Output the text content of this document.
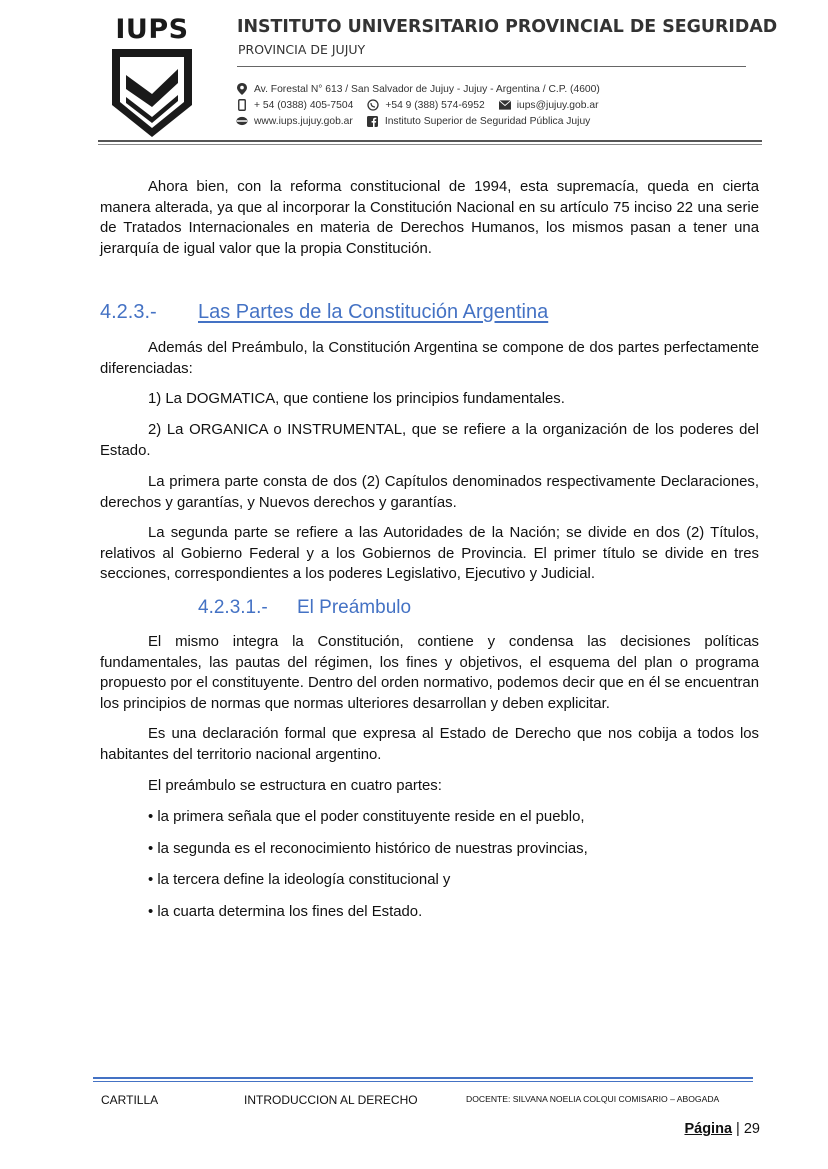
IUPS	INSTITUTO UNIVERSITARIO PROVINCIAL DE SEGURIDAD
PROVINCIA DE JUJUY
Av. Forestal N° 613 / San Salvador de Jujuy - Jujuy - Argentina / C.P. (4600)
+ 54 (0388) 405-7504	+54 9 (388) 574-6952	iups@jujuy.gob.ar
www.iups.jujuy.gob.ar	Instituto Superior de Seguridad Pública Jujuy
Ahora bien, con la reforma constitucional de 1994, esta supremacía, queda en cierta manera alterada, ya que al incorporar la Constitución Nacional en su artículo 75 inciso 22 una serie de Tratados Internacionales en materia de Derechos Humanos, los mismos pasan a tener una jerarquía de igual valor que la propia Constitución.
4.2.3.- Las Partes de la Constitución Argentina
Además del Preámbulo, la Constitución Argentina se compone de dos partes perfectamente diferenciadas:
1) La DOGMATICA, que contiene los principios fundamentales.
2) La ORGANICA o INSTRUMENTAL, que se refiere a la organización de los poderes del Estado.
La primera parte consta de dos (2) Capítulos denominados respectivamente Declaraciones, derechos y garantías, y Nuevos derechos y garantías.
La segunda parte se refiere a las Autoridades de la Nación; se divide en dos (2) Títulos, relativos al Gobierno Federal y a los Gobiernos de Provincia. El primer título se divide en tres secciones, correspondientes a los poderes Legislativo, Ejecutivo y Judicial.
4.2.3.1.- El Preámbulo
El mismo integra la Constitución, contiene y condensa las decisiones políticas fundamentales, las pautas del régimen, los fines y objetivos, el esquema del plan o programa propuesto por el constituyente. Dentro del orden normativo, podemos decir que en él se encuentran los principios de normas que normas ulteriores desarrollan y deben explicitar.
Es una declaración formal que expresa al Estado de Derecho que nos cobija a todos los habitantes del territorio nacional argentino.
El preámbulo se estructura en cuatro partes:
• la primera señala que el poder constituyente reside en el pueblo,
• la segunda es el reconocimiento histórico de nuestras provincias,
• la tercera define la ideología constitucional y
• la cuarta determina los fines del Estado.
CARTILLA	INTRODUCCION AL DERECHO	DOCENTE: SILVANA NOELIA COLQUI COMISARIO – ABOGADA
Página | 29
